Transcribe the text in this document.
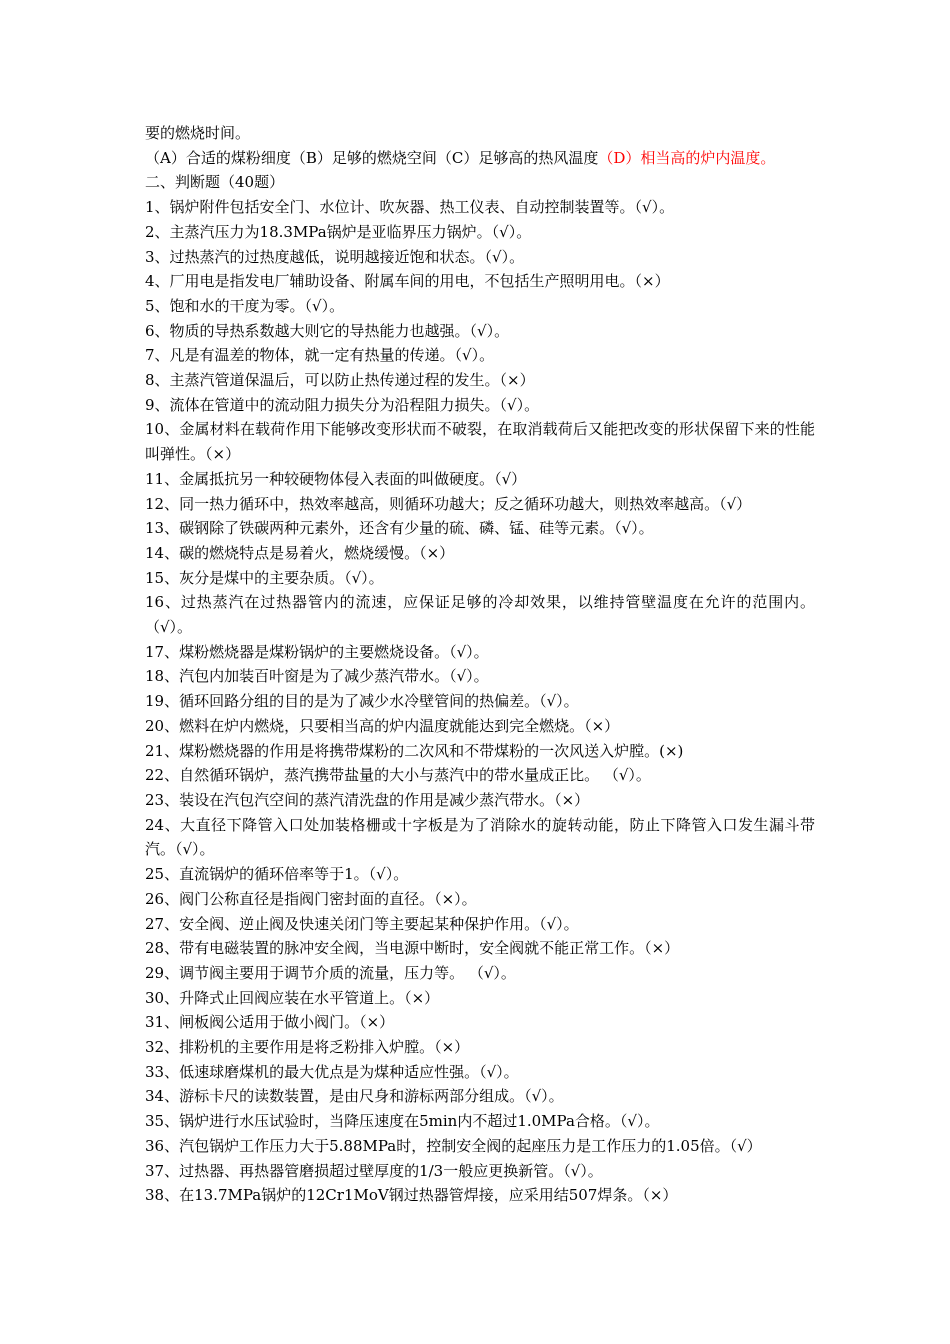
要的燃烧时间。
（A）合适的煤粉细度（B）足够的燃烧空间（C）足够高的热风温度（D）相当高的炉内温度。
二、判断题（40题）
1、锅炉附件包括安全门、水位计、吹灰器、热工仪表、自动控制装置等。（√）。
2、主蒸汽压力为18.3MPa锅炉是亚临界压力锅炉。（√）。
3、过热蒸汽的过热度越低，说明越接近饱和状态。（√）。
4、厂用电是指发电厂辅助设备、附属车间的用电，不包括生产照明用电。（×）
5、饱和水的干度为零。（√）。
6、物质的导热系数越大则它的导热能力也越强。（√）。
7、凡是有温差的物体，就一定有热量的传递。（√）。
8、主蒸汽管道保温后，可以防止热传递过程的发生。（×）
9、流体在管道中的流动阻力损失分为沿程阻力损失。（√）。
10、金属材料在载荷作用下能够改变形状而不破裂，在取消载荷后又能把改变的形状保留下来的性能叫弹性。（×）
11、金属抵抗另一种较硬物体侵入表面的叫做硬度。（√）
12、同一热力循环中，热效率越高，则循环功越大；反之循环功越大，则热效率越高。（√）
13、碳钢除了铁碳两种元素外，还含有少量的硫、磷、锰、硅等元素。（√）。
14、碳的燃烧特点是易着火，燃烧缓慢。（×）
15、灰分是煤中的主要杂质。（√）。
16、过热蒸汽在过热器管内的流速，应保证足够的冷却效果，以维持管壁温度在允许的范围内。（√）。
17、煤粉燃烧器是煤粉锅炉的主要燃烧设备。（√）。
18、汽包内加装百叶窗是为了减少蒸汽带水。（√）。
19、循环回路分组的目的是为了减少水冷壁管间的热偏差。（√）。
20、燃料在炉内燃烧，只要相当高的炉内温度就能达到完全燃烧。（×）
21、煤粉燃烧器的作用是将携带煤粉的二次风和不带煤粉的一次风送入炉膛。(×)
22、自然循环锅炉，蒸汽携带盐量的大小与蒸汽中的带水量成正比。 （√）。
23、装设在汽包汽空间的蒸汽清洗盘的作用是减少蒸汽带水。（×）
24、大直径下降管入口处加装格栅或十字板是为了消除水的旋转动能，防止下降管入口发生漏斗带汽。（√）。
25、直流锅炉的循环倍率等于1。（√）。
26、阀门公称直径是指阀门密封面的直径。（×）。
27、安全阀、逆止阀及快速关闭门等主要起某种保护作用。（√）。
28、带有电磁装置的脉冲安全阀，当电源中断时，安全阀就不能正常工作。（×）
29、调节阀主要用于调节介质的流量，压力等。 （√）。
30、升降式止回阀应装在水平管道上。（×）
31、闸板阀公适用于做小阀门。（×）
32、排粉机的主要作用是将乏粉排入炉膛。（×）
33、低速球磨煤机的最大优点是为煤种适应性强。（√）。
34、游标卡尺的读数装置，是由尺身和游标两部分组成。（√）。
35、锅炉进行水压试验时，当降压速度在5min内不超过1.0MPa合格。（√）。
36、汽包锅炉工作压力大于5.88MPa时，控制安全阀的起座压力是工作压力的1.05倍。（√）
37、过热器、再热器管磨损超过壁厚度的1/3一般应更换新管。（√）。
38、在13.7MPa锅炉的12Cr1MoV钢过热器管焊接，应采用结507焊条。（×）
